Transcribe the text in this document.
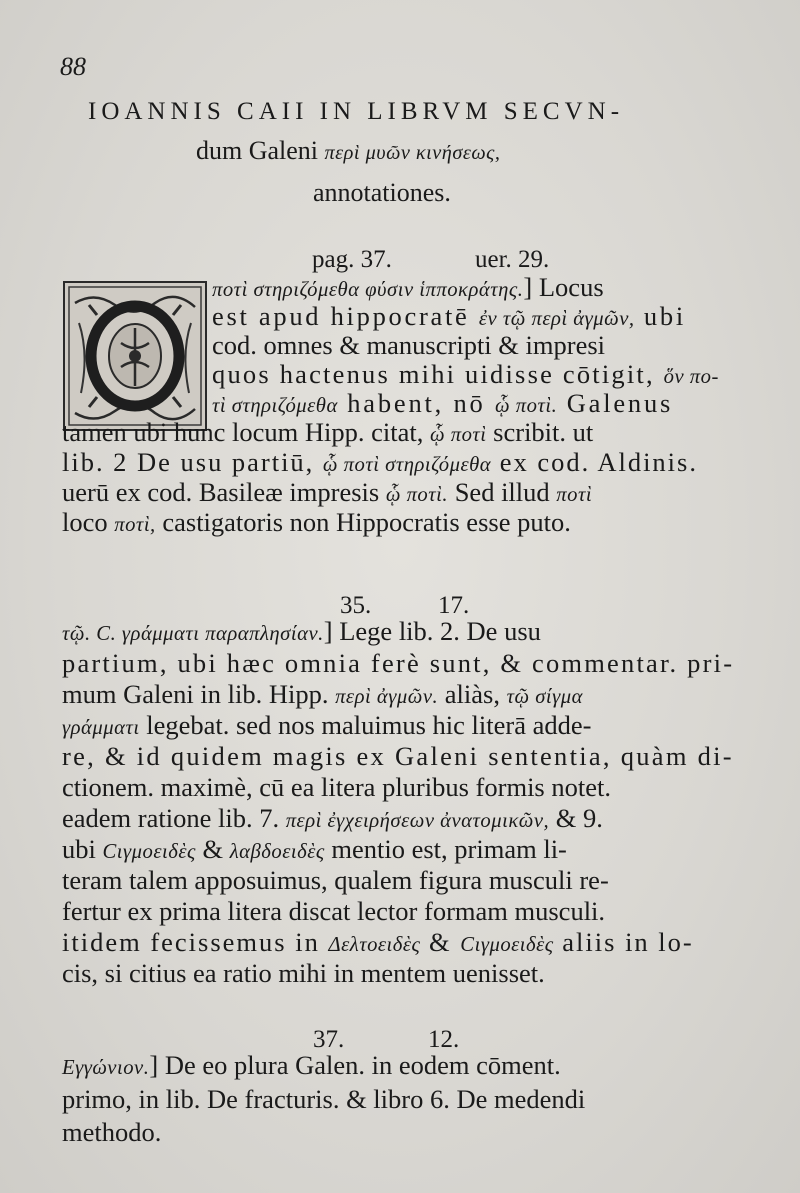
88
IOANNIS CAII IN LIBRVM SECVN-
dum Galeni περὶ μυῶν κινήσεως,
annotationes.
pag. 37.	uer. 29.
ποτὶ στηριζόμεθα φύσιν ἱπποκράτης.] Locus
est apud hippocratē ἐν τῷ περὶ ἀγμῶν, ubi
cod. omnes & manuscripti & impresi
quos hactenus mihi uidisse cōtigit, ὅν πο-
τὶ στηριζόμεθα habent, nō ᾧ ποτὶ. Galenus
tamen ubi hunc locum Hipp. citat, ᾧ ποτὶ scribit. ut
lib. 2 De usu partiū, ᾧ ποτὶ στηριζόμεθα ex cod. Aldinis.
uerū ex cod. Basileæ impresis ᾧ ποτὶ. Sed illud ποτὶ
loco ποτὶ, castigatoris non Hippocratis esse puto.
35.	17.
τῷ. C. γράμματι παραπλησίαν.] Lege lib. 2. De usu
partium, ubi hæc omnia ferè sunt, & commentar. pri-
mum Galeni in lib. Hipp. περὶ ἀγμῶν. aliàs, τῷ σίγμα
γράμματι legebat. sed nos maluimus hic literā adde-
re, & id quidem magis ex Galeni sententia, quàm di-
ctionem. maximè, cū ea litera pluribus formis notet.
eadem ratione lib. 7. περὶ ἐγχειρήσεων ἀνατομικῶν, & 9.
ubi Cιγμοειδὲς & λαβδοειδὲς mentio est, primam li-
teram talem apposuimus, qualem figura musculi re-
fertur ex prima litera discat lector formam musculi.
itidem fecissemus in Δελτοειδὲς & Cιγμοειδὲς aliis in lo-
cis, si citius ea ratio mihi in mentem uenisset.
37.	12.
Εγγώνιον.] De eo plura Galen. in eodem cōment.
primo, in lib. De fracturis. & libro 6. De medendi
methodo.
